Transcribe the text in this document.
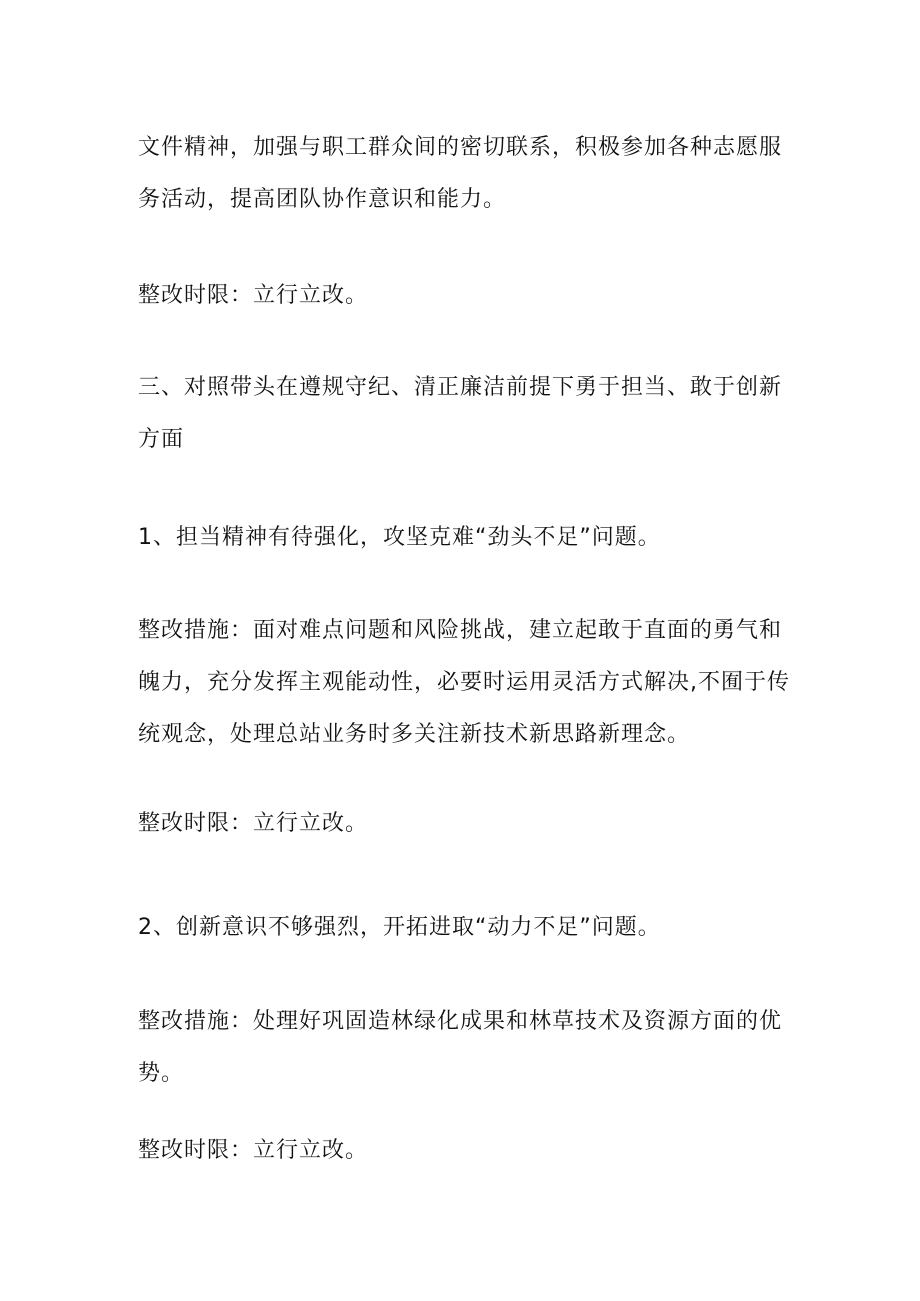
文件精神，加强与职工群众间的密切联系，积极参加各种志愿服务活动，提高团队协作意识和能力。

整改时限：立行立改。

三、对照带头在遵规守纪、清正廉洁前提下勇于担当、敢于创新方面

1、担当精神有待强化，攻坚克难“劲头不足”问题。

整改措施：面对难点问题和风险挑战，建立起敢于直面的勇气和魄力，充分发挥主观能动性，必要时运用灵活方式解决,不囿于传统观念，处理总站业务时多关注新技术新思路新理念。

整改时限：立行立改。

2、创新意识不够强烈，开拓进取“动力不足”问题。

整改措施：处理好巩固造林绿化成果和林草技术及资源方面的优势。

整改时限：立行立改。
